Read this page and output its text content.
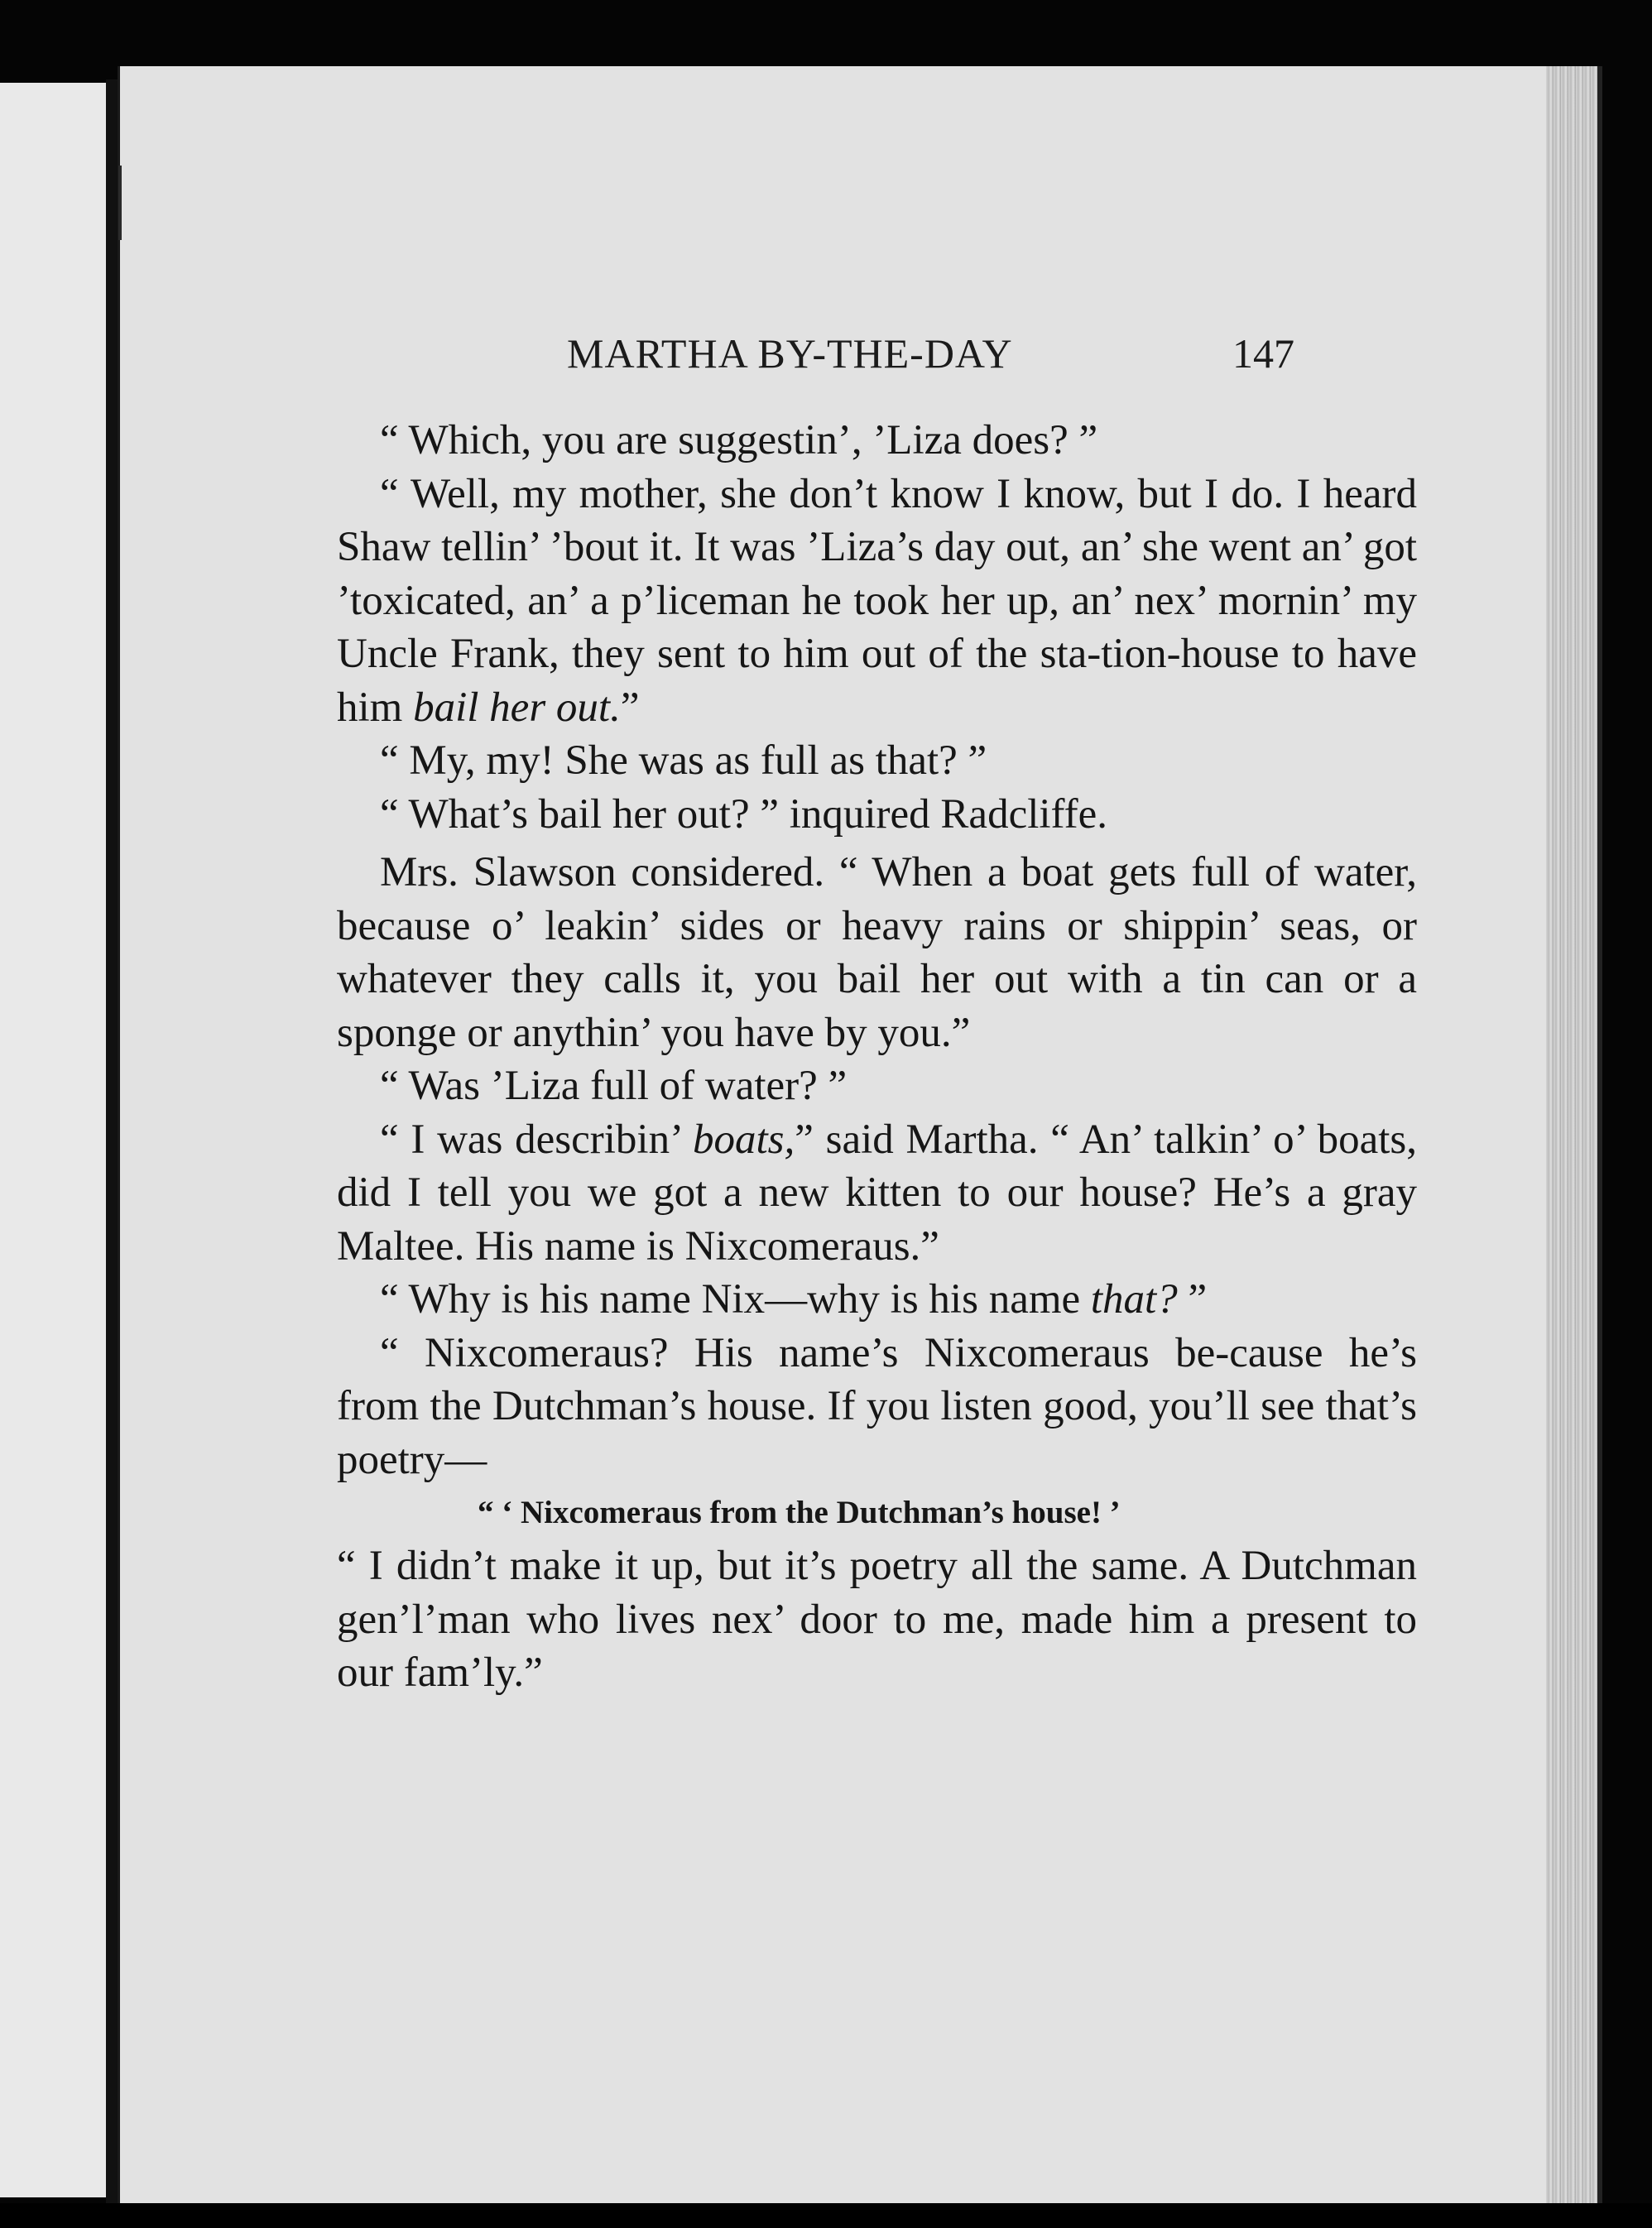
MARTHA BY-THE-DAY	147

“ Which, you are suggestin’, ’Liza does? ”

“ Well, my mother, she don’t know I know, but I do. I heard Shaw tellin’ ’bout it. It was ’Liza’s day out, an’ she went an’ got ’toxicated, an’ a p’liceman he took her up, an’ nex’ mornin’ my Uncle Frank, they sent to him out of the sta-tion-house to have him bail her out.”

“ My, my! She was as full as that? ”

“ What’s bail her out? ” inquired Radcliffe.

Mrs. Slawson considered. “ When a boat gets full of water, because o’ leakin’ sides or heavy rains or shippin’ seas, or whatever they calls it, you bail her out with a tin can or a sponge or anythin’ you have by you.”

“ Was ’Liza full of water? ”

“ I was describin’ boats,” said Martha. “ An’ talkin’ o’ boats, did I tell you we got a new kitten to our house? He’s a gray Maltee. His name is Nixcomeraus.”

“ Why is his name Nix—why is his name that? ”

“ Nixcomeraus? His name’s Nixcomeraus be-cause he’s from the Dutchman’s house. If you listen good, you’ll see that’s poetry—

“ ‘ Nixcomeraus from the Dutchman’s house! ’

“ I didn’t make it up, but it’s poetry all the same. A Dutchman gen’l’man who lives nex’ door to me, made him a present to our fam’ly.”
